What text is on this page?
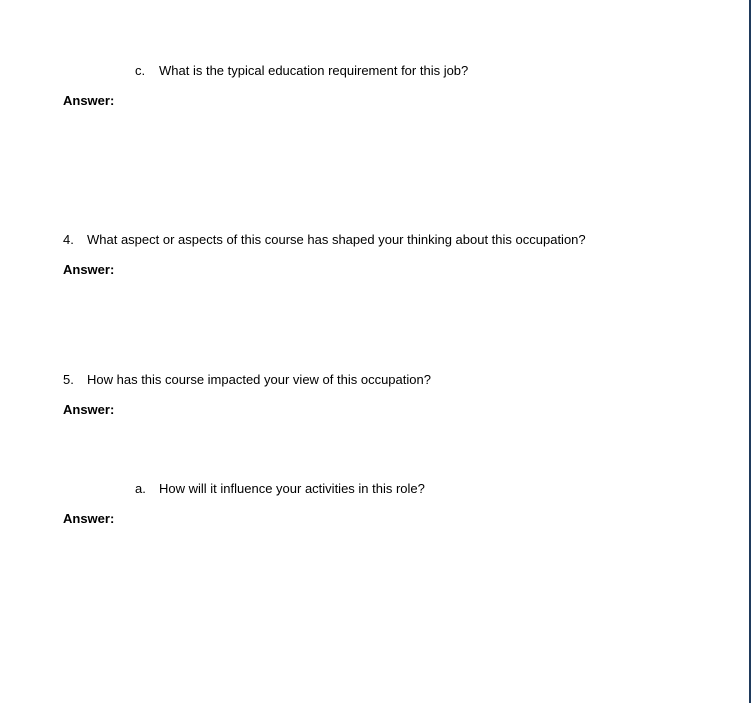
c.	What is the typical education requirement for this job?
Answer:
4.	What aspect or aspects of this course has shaped your thinking about this occupation?
Answer:
5.	How has this course impacted your view of this occupation?
Answer:
a.	How will it influence your activities in this role?
Answer:
